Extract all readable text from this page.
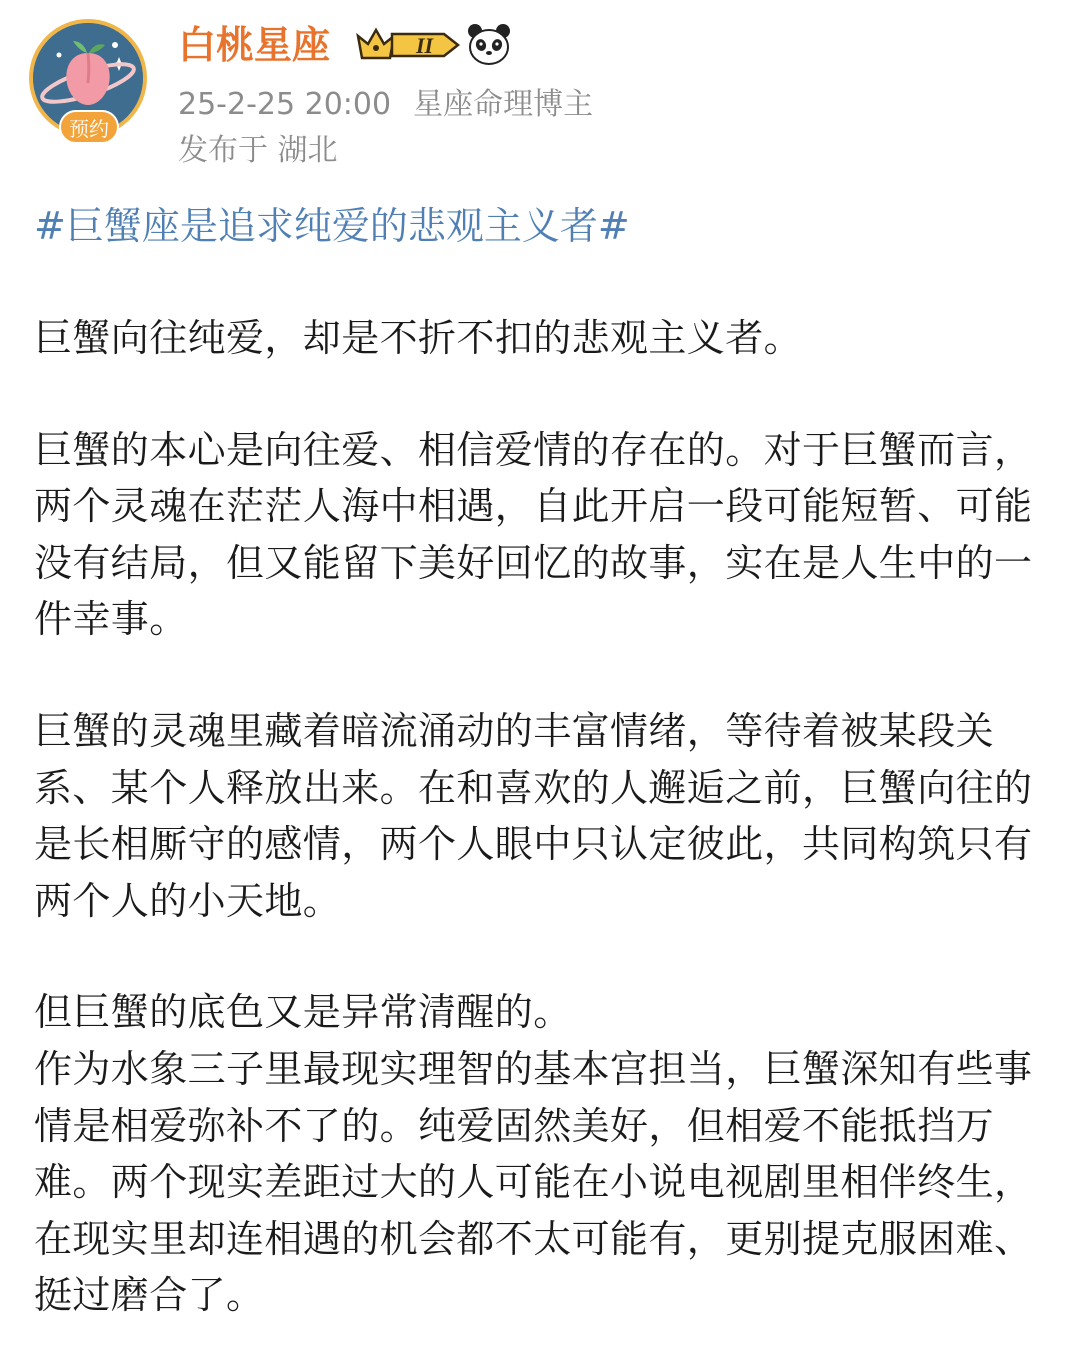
预约
白桃星座	II
25-2-25 20:00 星座命理博主
发布于 湖北

#巨蟹座是追求纯爱的悲观主义者#

巨蟹向往纯爱，却是不折不扣的悲观主义者。

巨蟹的本心是向往爱、相信爱情的存在的。对于巨蟹而言，两个灵魂在茫茫人海中相遇，自此开启一段可能短暂、可能没有结局，但又能留下美好回忆的故事，实在是人生中的一件幸事。

巨蟹的灵魂里藏着暗流涌动的丰富情绪，等待着被某段关系、某个人释放出来。在和喜欢的人邂逅之前，巨蟹向往的是长相厮守的感情，两个人眼中只认定彼此，共同构筑只有两个人的小天地。

但巨蟹的底色又是异常清醒的。

作为水象三子里最现实理智的基本宫担当，巨蟹深知有些事情是相爱弥补不了的。纯爱固然美好，但相爱不能抵挡万难。两个现实差距过大的人可能在小说电视剧里相伴终生，在现实里却连相遇的机会都不太可能有，更别提克服困难、挺过磨合了。
